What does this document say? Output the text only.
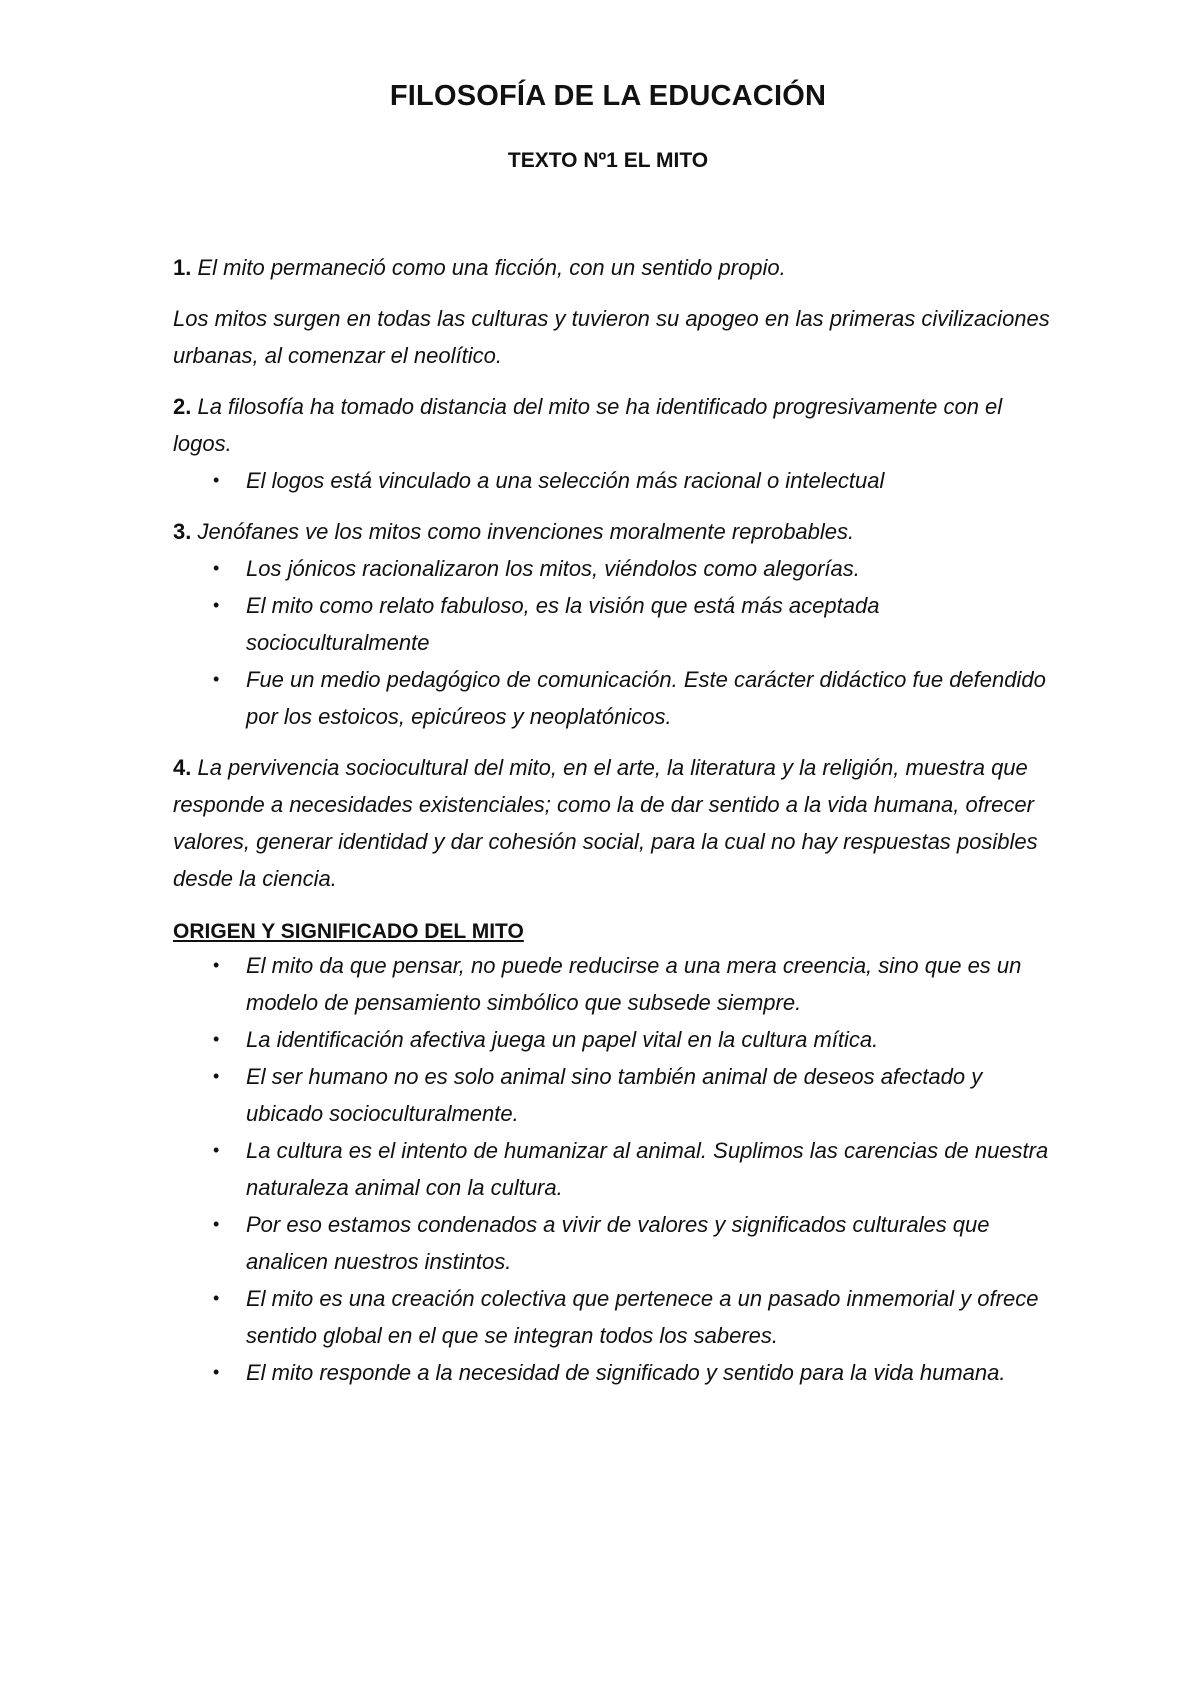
FILOSOFÍA DE LA EDUCACIÓN
TEXTO Nº1 EL MITO

1. El mito permaneció como una ficción, con un sentido propio.

Los mitos surgen en todas las culturas y tuvieron su apogeo en las primeras civilizaciones urbanas, al comenzar el neolítico.

2. La filosofía ha tomado distancia del mito se ha identificado progresivamente con el logos.

• El logos está vinculado a una selección más racional o intelectual

3. Jenófanes ve los mitos como invenciones moralmente reprobables.

• Los jónicos racionalizaron los mitos, viéndolos como alegorías.
• El mito como relato fabuloso, es la visión que está más aceptada socioculturalmente
• Fue un medio pedagógico de comunicación. Este carácter didáctico fue defendido por los estoicos, epicúreos y neoplatónicos.

4. La pervivencia sociocultural del mito, en el arte, la literatura y la religión, muestra que responde a necesidades existenciales; como la de dar sentido a la vida humana, ofrecer valores, generar identidad y dar cohesión social, para la cual no hay respuestas posibles desde la ciencia.

ORIGEN Y SIGNIFICADO DEL MITO
• El mito da que pensar, no puede reducirse a una mera creencia, sino que es un modelo de pensamiento simbólico que subsede siempre.
• La identificación afectiva juega un papel vital en la cultura mítica.
• El ser humano no es solo animal sino también animal de deseos afectado y ubicado socioculturalmente.
• La cultura es el intento de humanizar al animal. Suplimos las carencias de nuestra naturaleza animal con la cultura.
• Por eso estamos condenados a vivir de valores y significados culturales que analicen nuestros instintos.
• El mito es una creación colectiva que pertenece a un pasado inmemorial y ofrece sentido global en el que se integran todos los saberes.
• El mito responde a la necesidad de significado y sentido para la vida humana.
